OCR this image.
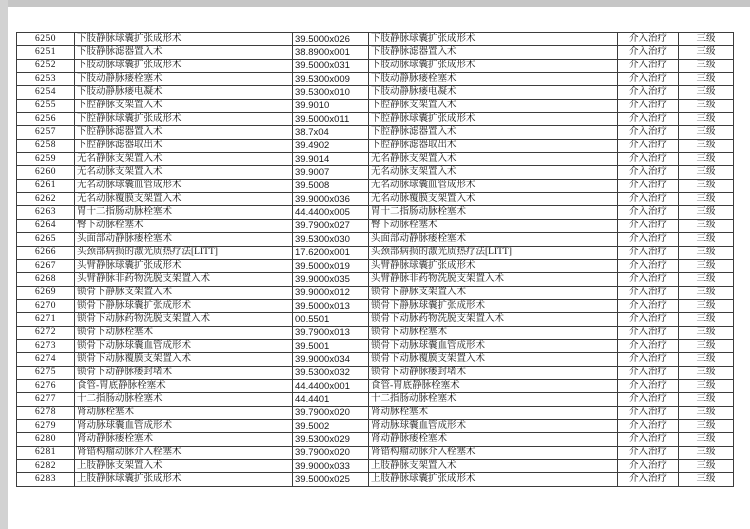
6250	下肢静脉球囊扩张成形术	39.5000x026	下肢静脉球囊扩张成形术	介入治疗	三级
6251	下肢静脉滤器置入术	38.8900x001	下肢静脉滤器置入术	介入治疗	三级
6252	下肢动脉球囊扩张成形术	39.5000x031	下肢动脉球囊扩张成形术	介入治疗	三级
6253	下肢动静脉瘘栓塞术	39.5300x009	下肢动静脉瘘栓塞术	介入治疗	三级
6254	下肢动静脉瘘电凝术	39.5300x010	下肢动静脉瘘电凝术	介入治疗	三级
6255	下腔静脉支架置入术	39.9010	下腔静脉支架置入术	介入治疗	三级
6256	下腔静脉球囊扩张成形术	39.5000x011	下腔静脉球囊扩张成形术	介入治疗	三级
6257	下腔静脉滤器置入术	38.7x04	下腔静脉滤器置入术	介入治疗	三级
6258	下腔静脉滤器取出术	39.4902	下腔静脉滤器取出术	介入治疗	三级
6259	无名静脉支架置入术	39.9014	无名静脉支架置入术	介入治疗	三级
6260	无名动脉支架置入术	39.9007	无名动脉支架置入术	介入治疗	三级
6261	无名动脉球囊血管成形术	39.5008	无名动脉球囊血管成形术	介入治疗	三级
6262	无名动脉覆膜支架置入术	39.9000x036	无名动脉覆膜支架置入术	介入治疗	三级
6263	胃十二指肠动脉栓塞术	44.4400x005	胃十二指肠动脉栓塞术	介入治疗	三级
6264	臀下动脉栓塞术	39.7900x027	臀下动脉栓塞术	介入治疗	三级
6265	头面部动静脉瘘栓塞术	39.5300x030	头面部动静脉瘘栓塞术	介入治疗	三级
6266	头颈部病损的激光质热疗法[LITT]	17.6200x001	头颈部病损的激光质热疗法[LITT]	介入治疗	三级
6267	头臂静脉球囊扩张成形术	39.5000x019	头臂静脉球囊扩张成形术	介入治疗	三级
6268	头臂静脉非药物洗脱支架置入术	39.9000x035	头臂静脉非药物洗脱支架置入术	介入治疗	三级
6269	锁骨下静脉支架置入术	39.9000x012	锁骨下静脉支架置入术	介入治疗	三级
6270	锁骨下静脉球囊扩张成形术	39.5000x013	锁骨下静脉球囊扩张成形术	介入治疗	三级
6271	锁骨下动脉药物洗脱支架置入术	00.5501	锁骨下动脉药物洗脱支架置入术	介入治疗	三级
6272	锁骨下动脉栓塞术	39.7900x013	锁骨下动脉栓塞术	介入治疗	三级
6273	锁骨下动脉球囊血管成形术	39.5001	锁骨下动脉球囊血管成形术	介入治疗	三级
6274	锁骨下动脉覆膜支架置入术	39.9000x034	锁骨下动脉覆膜支架置入术	介入治疗	三级
6275	锁骨下动静脉瘘封堵术	39.5300x032	锁骨下动静脉瘘封堵术	介入治疗	三级
6276	食管-胃底静脉栓塞术	44.4400x001	食管-胃底静脉栓塞术	介入治疗	三级
6277	十二指肠动脉栓塞术	44.4401	十二指肠动脉栓塞术	介入治疗	三级
6278	肾动脉栓塞术	39.7900x020	肾动脉栓塞术	介入治疗	三级
6279	肾动脉球囊血管成形术	39.5002	肾动脉球囊血管成形术	介入治疗	三级
6280	肾动静脉瘘栓塞术	39.5300x029	肾动静脉瘘栓塞术	介入治疗	三级
6281	肾错构瘤动脉介入栓塞术	39.7900x020	肾错构瘤动脉介入栓塞术	介入治疗	三级
6282	上肢静脉支架置入术	39.9000x033	上肢静脉支架置入术	介入治疗	三级
6283	上肢静脉球囊扩张成形术	39.5000x025	上肢静脉球囊扩张成形术	介入治疗	三级
